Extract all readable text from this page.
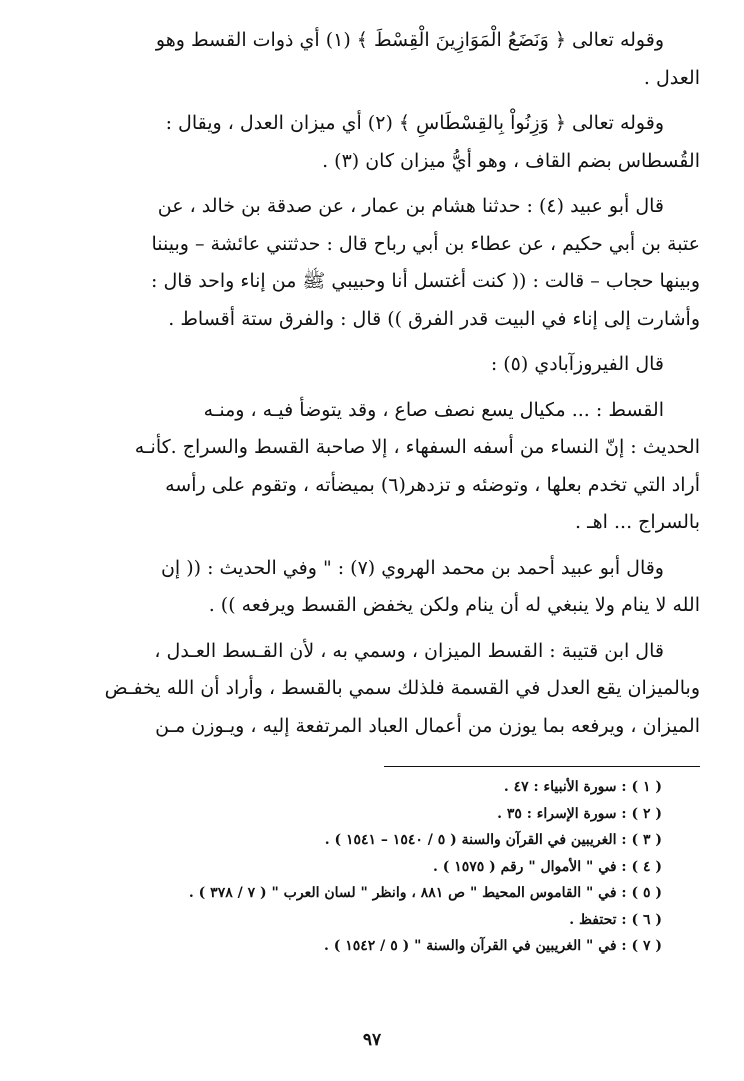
وقوله تعالى ﴿ وَنَضَعُ الْمَوَازِينَ الْقِسْطَ ﴾ (١) أي ذوات القسط وهو
العدل .

وقوله تعالى ﴿ وَزِنُواْ بِالقِسْطَاسِ ﴾ (٢) أي ميزان العدل ، ويقال :
القُسطاس بضم القاف ، وهو أيُّ ميزان كان (٣) .

قال أبو عبيد (٤) : حدثنا هشام بن عمار ، عن صدقة بن خالد ، عن
عتبة بن أبي حكيم ، عن عطاء بن أبي رباح قال : حدثتني عائشة – وبيننا
وبينها حجاب – قالت : (( كنت أغتسل أنا وحبيبي ﷺ من إناء واحد قال :
وأشارت إلى إناء في البيت قدر الفرق )) قال : والفرق ستة أقساط .

قال الفيروزآبادي (٥) :

القسط : ... مكيال يسع نصف صاع ، وقد يتوضأ فيـه ، ومنـه
الحديث : إنّ النساء من أسفه السفهاء ، إلا صاحبة القسط والسراج .كأنـه
أراد التي تخدم بعلها ، وتوضئه و تزدهر(٦) بميضأته ، وتقوم على رأسه
بالسراج ... اهـ .

وقال أبو عبيد أحمد بن محمد الهروي (٧) : " وفي الحديث : (( إن
الله لا ينام ولا ينبغي له أن ينام ولكن يخفض القسط ويرفعه )) .

قال ابن قتيبة : القسط الميزان ، وسمي به ، لأن القـسط العـدل ،
وبالميزان يقع العدل في القسمة فلذلك سمي بالقسط ، وأراد أن الله يخفـض
الميزان ، ويرفعه بما يوزن من أعمال العباد المرتفعة إليه ، ويـوزن مـن

( ١ ) : سورة الأنبياء : ٤٧ .
( ٢ ) : سورة الإسراء : ٣٥ .
( ٣ ) : الغريبين في القرآن والسنة ( ٥ / ١٥٤٠ – ١٥٤١ ) .
( ٤ ) : في " الأموال " رقم ( ١٥٧٥ ) .
( ٥ ) : في " القاموس المحيط " ص ٨٨١ ، وانظر " لسان العرب " ( ٧ / ٣٧٨ ) .
( ٦ ) : تحتفظ .
( ٧ ) : في " الغريبين في القرآن والسنة " ( ٥ / ١٥٤٢ ) .
٩٧
